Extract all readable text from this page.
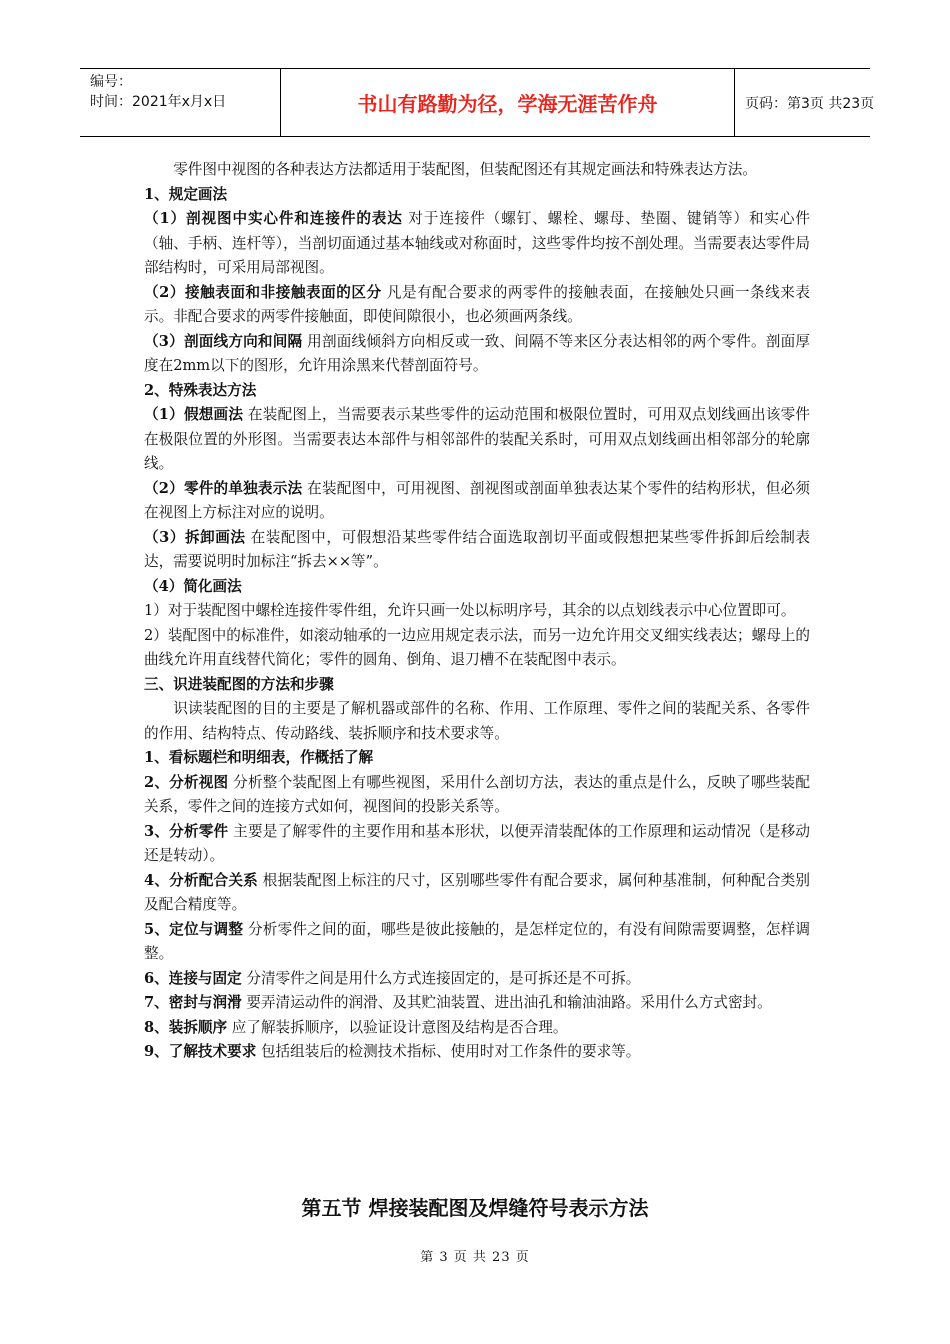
编号：
时间：2021年x月x日	书山有路勤为径，学海无涯苦作舟	页码：第3页 共23页

零件图中视图的各种表达方法都适用于装配图，但装配图还有其规定画法和特殊表达方法。

1、规定画法

（1）剖视图中实心件和连接件的表达 对于连接件（螺钉、螺栓、螺母、垫圈、键销等）和实心件（轴、手柄、连杆等），当剖切面通过基本轴线或对称面时，这些零件均按不剖处理。当需要表达零件局部结构时，可采用局部视图。

（2）接触表面和非接触表面的区分 凡是有配合要求的两零件的接触表面，在接触处只画一条线来表示。非配合要求的两零件接触面，即使间隙很小，也必须画两条线。

（3）剖面线方向和间隔 用剖面线倾斜方向相反或一致、间隔不等来区分表达相邻的两个零件。剖面厚度在2mm以下的图形，允许用涂黑来代替剖面符号。

2、特殊表达方法

（1）假想画法 在装配图上，当需要表示某些零件的运动范围和极限位置时，可用双点划线画出该零件在极限位置的外形图。当需要表达本部件与相邻部件的装配关系时，可用双点划线画出相邻部分的轮廓线。

（2）零件的单独表示法 在装配图中，可用视图、剖视图或剖面单独表达某个零件的结构形状，但必须在视图上方标注对应的说明。

（3）拆卸画法 在装配图中，可假想沿某些零件结合面选取剖切平面或假想把某些零件拆卸后绘制表达，需要说明时加标注“拆去××等”。

（4）简化画法

1）对于装配图中螺栓连接件零件组，允许只画一处以标明序号，其余的以点划线表示中心位置即可。

2）装配图中的标准件，如滚动轴承的一边应用规定表示法，而另一边允许用交叉细实线表达；螺母上的曲线允许用直线替代简化；零件的圆角、倒角、退刀槽不在装配图中表示。

三、识进装配图的方法和步骤

识读装配图的目的主要是了解机器或部件的名称、作用、工作原理、零件之间的装配关系、各零件的作用、结构特点、传动路线、装拆顺序和技术要求等。

1、看标题栏和明细表，作概括了解

2、分析视图 分析整个装配图上有哪些视图，采用什么剖切方法，表达的重点是什么，反映了哪些装配关系，零件之间的连接方式如何，视图间的投影关系等。

3、分析零件 主要是了解零件的主要作用和基本形状，以便弄清装配体的工作原理和运动情况（是移动还是转动）。

4、分析配合关系 根据装配图上标注的尺寸，区别哪些零件有配合要求，属何种基准制，何种配合类别及配合精度等。

5、定位与调整 分析零件之间的面，哪些是彼此接触的，是怎样定位的，有没有间隙需要调整，怎样调整。

6、连接与固定 分清零件之间是用什么方式连接固定的，是可拆还是不可拆。

7、密封与润滑 要弄清运动件的润滑、及其贮油装置、进出油孔和输油油路。采用什么方式密封。

8、装拆顺序 应了解装拆顺序，以验证设计意图及结构是否合理。

9、了解技术要求 包括组装后的检测技术指标、使用时对工作条件的要求等。

第五节 焊接装配图及焊缝符号表示方法
第 3 页 共 23 页
